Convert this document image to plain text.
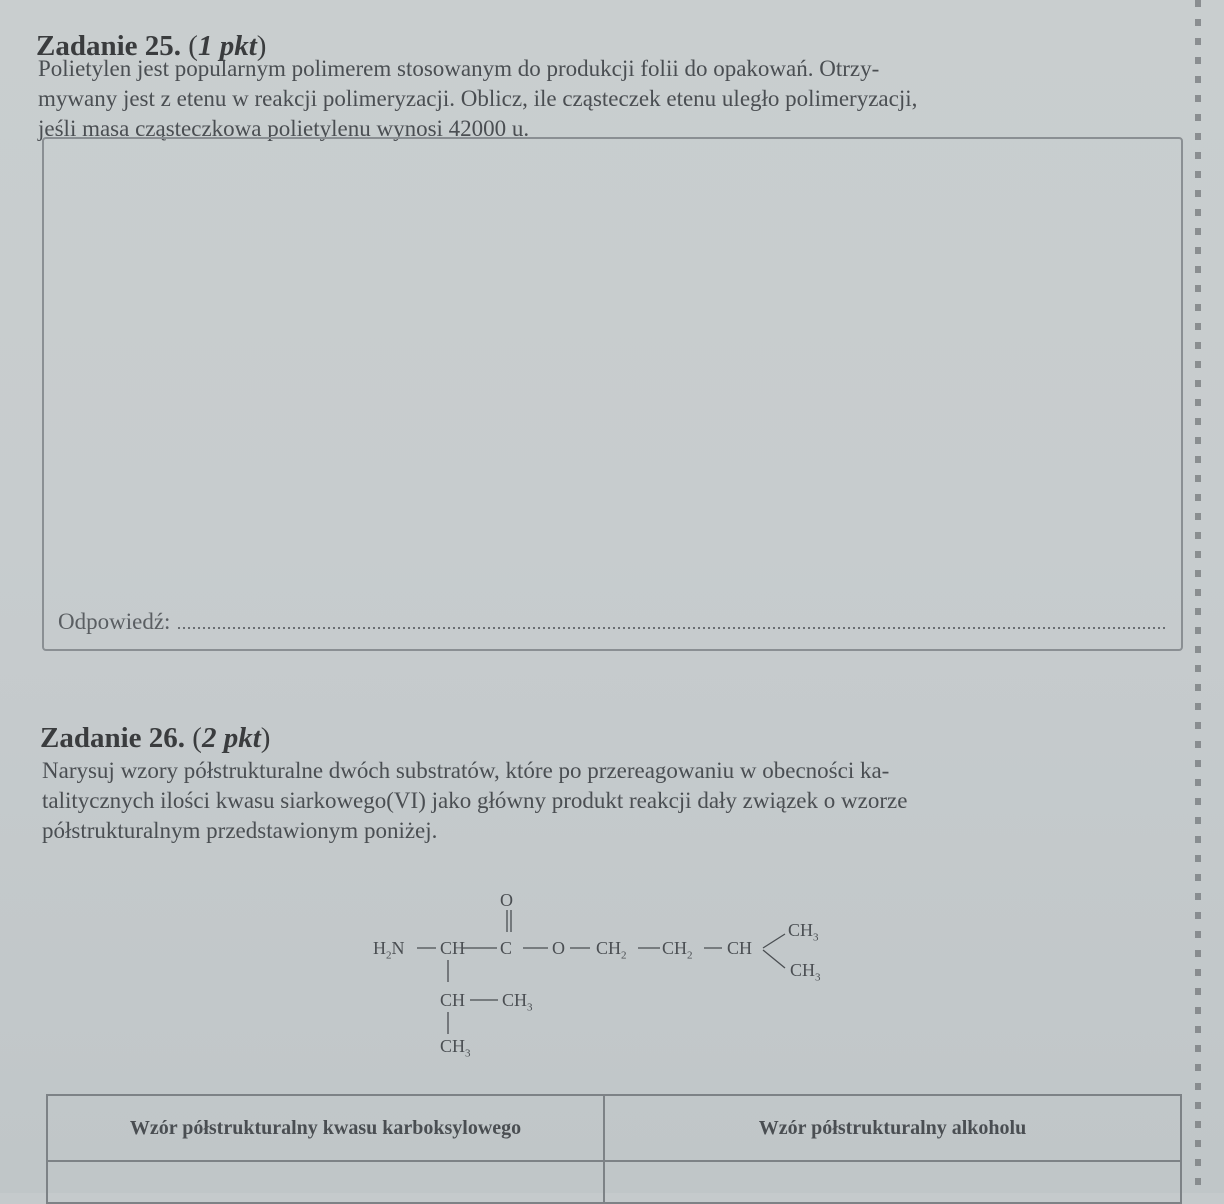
Zadanie 25. (1 pkt)
Polietylen jest popularnym polimerem stosowanym do produkcji folii do opakowań. Otrzy-
mywany jest z etenu w reakcji polimeryzacji. Oblicz, ile cząsteczek etenu uległo polimeryzacji,
jeśli masa cząsteczkowa polietylenu wynosi 42000 u.
Odpowiedź:
Zadanie 26. (2 pkt)
Narysuj wzory półstrukturalne dwóch substratów, które po przereagowaniu w obecności ka-
talitycznych ilości kwasu siarkowego(VI) jako główny produkt reakcji dały związek o wzorze
półstrukturalnym przedstawionym poniżej.
$H_2N$ CH
O
C O $CH_2$ $CH_2$ CH
$CH_3$
$CH_3$
CH $CH_3$
$CH_3$
Wzór półstrukturalny kwasu karboksylowego	Wzór półstrukturalny alkoholu
